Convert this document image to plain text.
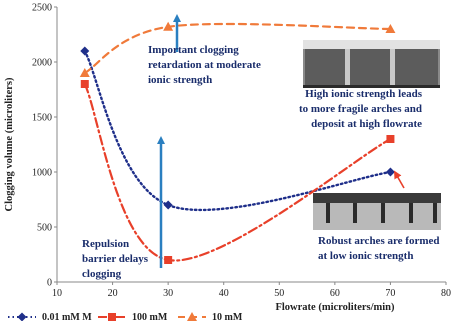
10	20	30	40	50	60	70	80
0
500
1000
1500
2000
2500
Flowrate (microliters/min)
Clogging volume (microliters)
Important clogging retardation at moderate ionic strength
High ionic strength leads to more fragile arches and deposit at high flowrate
Robust arches are formed at low ionic strength
Repulsion barrier delays clogging
0.01 mM M	100 mM	10 mM
